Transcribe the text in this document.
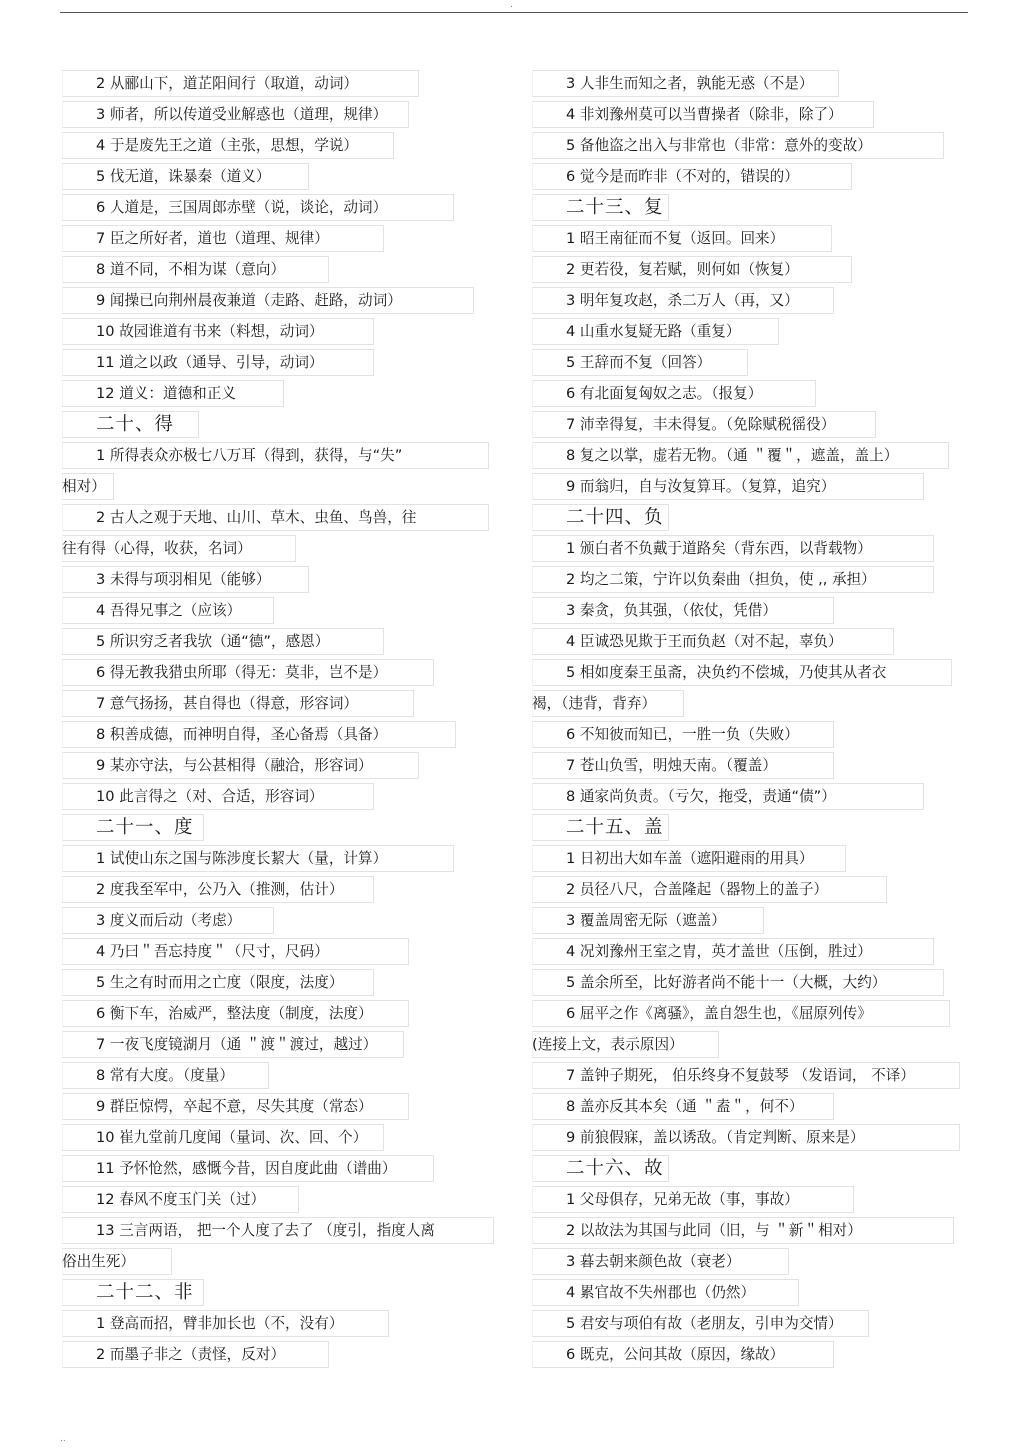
.
2 从郦山下，道芷阳间行（取道，动词）
3 师者，所以传道受业解惑也（道理，规律）
4 于是废先王之道（主张，思想，学说）
5 伐无道，诛暴秦（道义）
6 人道是，三国周郎赤壁（说，谈论，动词）
7 臣之所好者，道也（道理、规律）
8 道不同，不相为谋（意向）
9 闻操已向荆州晨夜兼道（走路、赶路，动词）
10 故园谁道有书来（料想，动词）
11 道之以政（通导、引导，动词）
12 道义：道德和正义
二十、得
1 所得表众亦极七八万耳（得到，获得，与“失”
相对）
2 古人之观于天地、山川、草木、虫鱼、鸟兽，往
往有得（心得，收获，名词）
3 未得与项羽相见（能够）
4 吾得兄事之（应该）
5 所识穷乏者我欤（通“德”，感恩）
6 得无教我猎虫所耶（得无：莫非，岂不是）
7 意气扬扬，甚自得也（得意，形容词）
8 积善成德，而神明自得，圣心备焉（具备）
9 某亦守法，与公甚相得（融洽，形容词）
10 此言得之（对、合适，形容词）
二十一、度
1 试使山东之国与陈涉度长絜大（量，计算）
2 度我至军中，公乃入（推测，估计）
3 度义而后动（考虑）
4 乃曰＂吾忘持度＂（尺寸，尺码）
5 生之有时而用之亡度（限度，法度）
6 衡下车，治威严，整法度（制度，法度）
7 一夜飞度镜湖月（通 ＂渡＂渡过，越过）
8 常有大度。（度量）
9 群臣惊愕，卒起不意，尽失其度（常态）
10 崔九堂前几度闻（量词、次、回、个）
11 予怀怆然，感慨今昔，因自度此曲（谱曲）
12 春风不度玉门关（过）
13 三言两语， 把一个人度了去了 （度引，指度人离
俗出生死）
二十二、非
1 登高而招，臂非加长也（不，没有）
2 而墨子非之（责怪，反对）
3 人非生而知之者，孰能无惑（不是）
4 非刘豫州莫可以当曹操者（除非，除了）
5 备他盗之出入与非常也（非常：意外的变故）
6 觉今是而昨非（不对的，错误的）
二十三、复
1 昭王南征而不复（返回。回来）
2 更若役，复若赋，则何如（恢复）
3 明年复攻赵，杀二万人（再，又）
4 山重水复疑无路（重复）
5 王辞而不复（回答）
6 有北面复匈奴之志。（报复）
7 沛幸得复，丰未得复。（免除赋税徭役）
8 复之以掌，虚若无物。（通 ＂覆＂，遮盖，盖上）
9 而翁归，自与汝复算耳。（复算，追究）
二十四、负
1 颁白者不负戴于道路矣（背东西，以背载物）
2 均之二策，宁许以负秦曲（担负，使 ,, 承担）
3 秦贪，负其强，（依仗，凭借）
4 臣诚恐见欺于王而负赵（对不起，辜负）
5 相如度秦王虽斋，决负约不偿城，乃使其从者衣
褐，（违背，背弃）
6 不知彼而知已，一胜一负（失败）
7 苍山负雪，明烛天南。（覆盖）
8 通家尚负责。（亏欠，拖受，责通“债”）
二十五、盖
1 日初出大如车盖（遮阳避雨的用具）
2 员径八尺，合盖隆起（器物上的盖子）
3 覆盖周密无际（遮盖）
4 况刘豫州王室之胄，英才盖世（压倒，胜过）
5 盖余所至，比好游者尚不能十一（大概，大约）
6 屈平之作《离骚》，盖自怨生也，《屈原列传》
(连接上文，表示原因）
7 盖钟子期死， 伯乐终身不复鼓琴 （发语词， 不译）
8 盖亦反其本矣（通 ＂盍＂，何不）
9 前狼假寐，盖以诱敌。（肯定判断、原来是）
二十六、故
1 父母俱存，兄弟无故（事，事故）
2 以故法为其国与此同（旧，与 ＂新＂相对）
3 暮去朝来颜色故（衰老）
4 累官故不失州郡也（仍然）
5 君安与项伯有故（老朋友，引申为交情）
6 既克，公问其故（原因，缘故）
..
